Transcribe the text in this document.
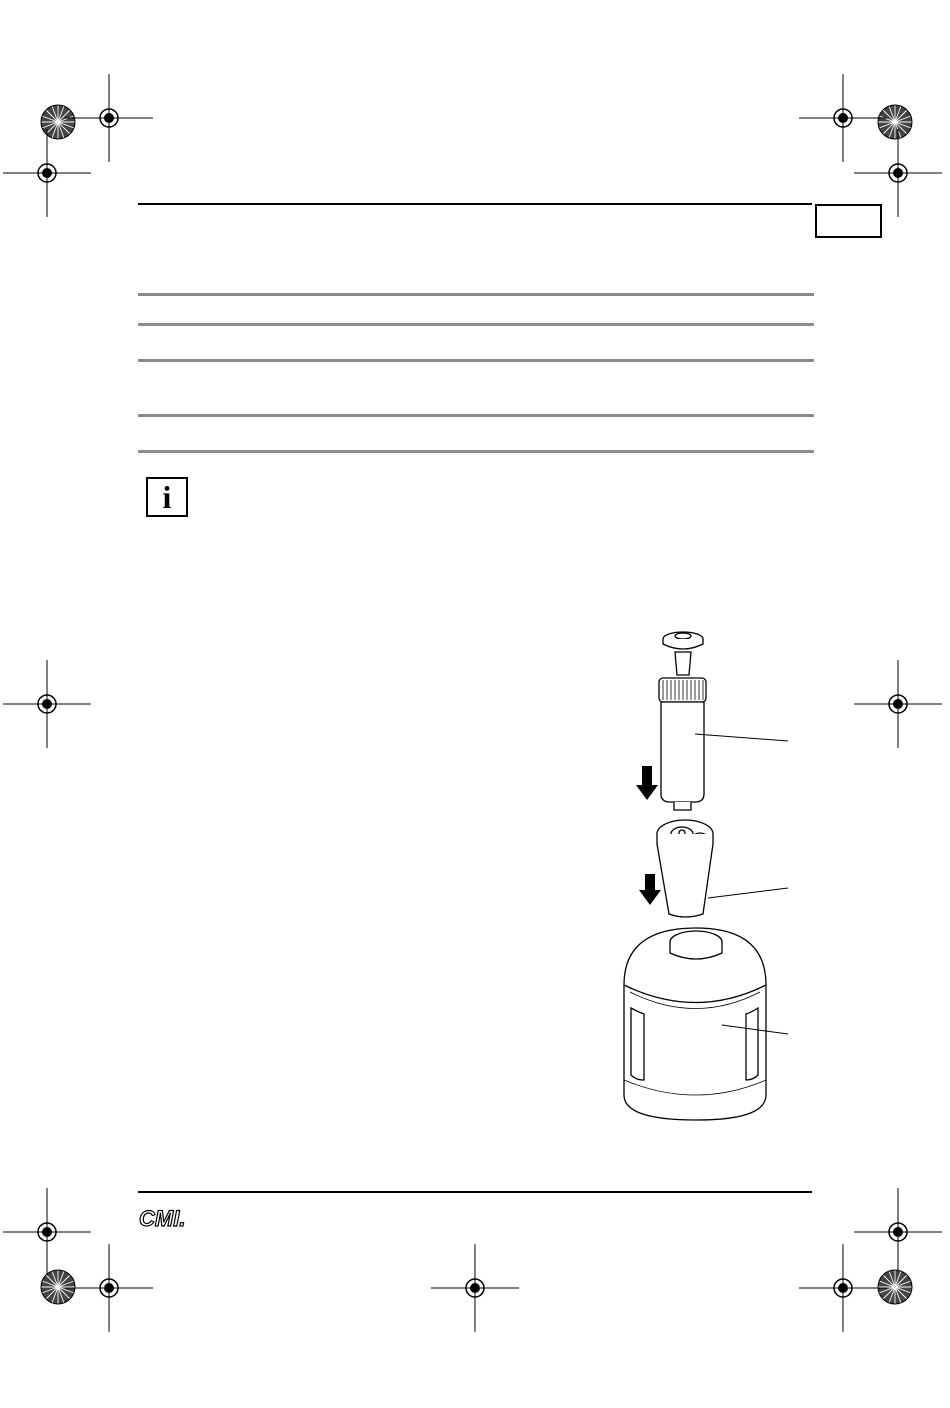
i
CMI.
